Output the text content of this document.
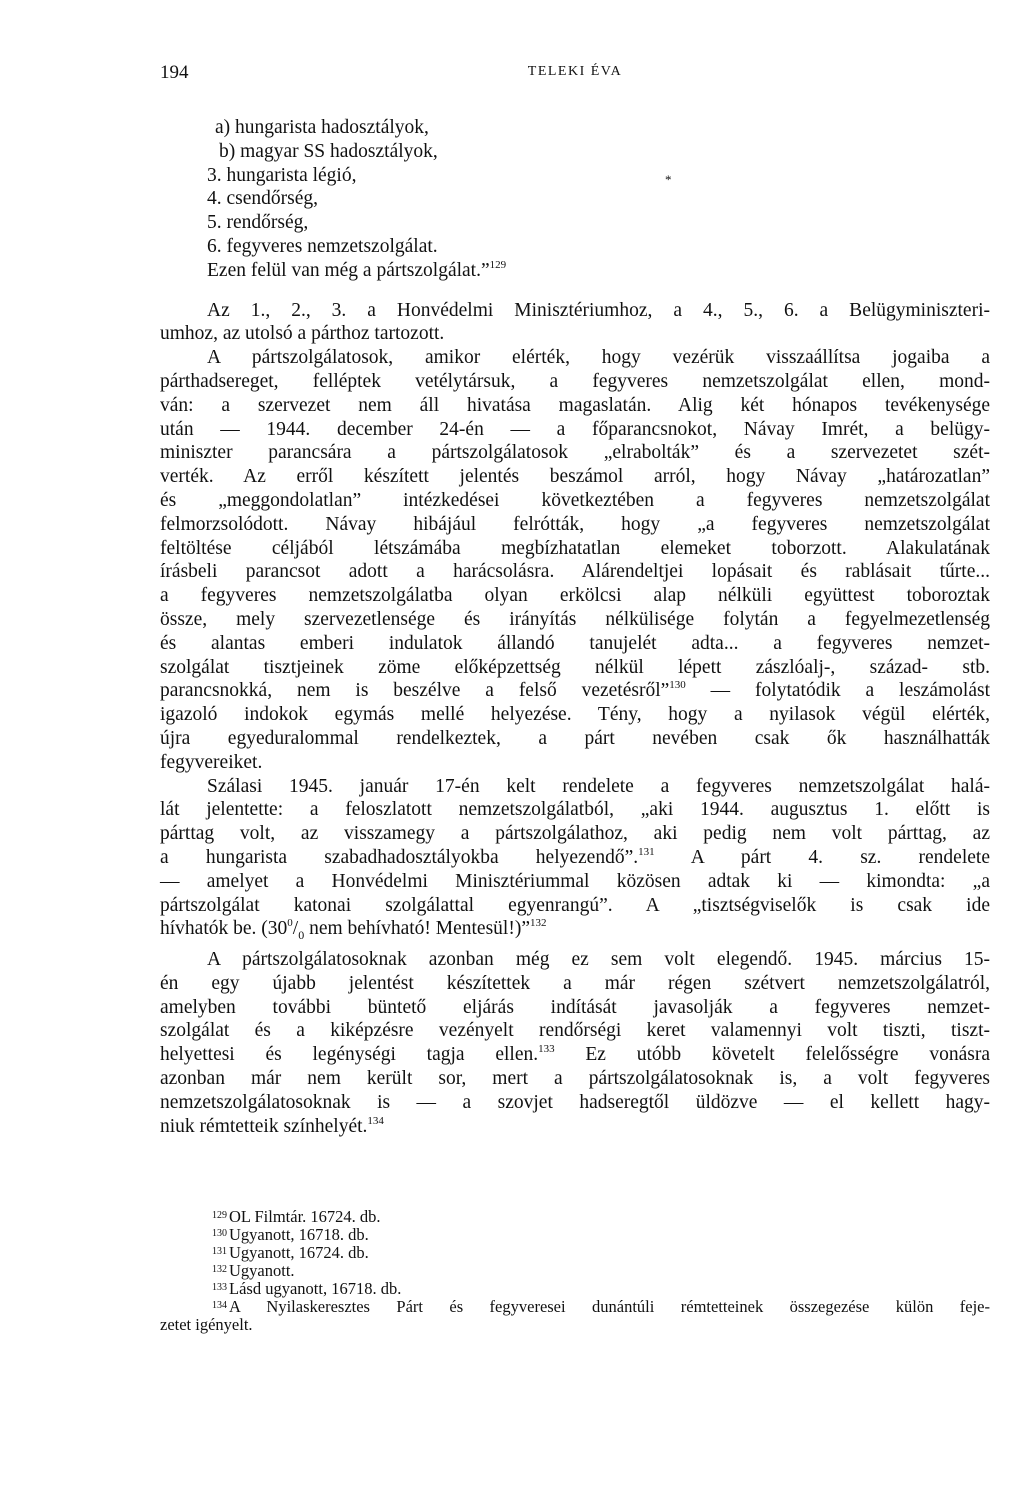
194	TELEKI ÉVA
*
a) hungarista hadosztályok,
b) magyar SS hadosztályok,
3. hungarista légió,
4. csendőrség,
5. rendőrség,
6. fegyveres nemzetszolgálat.
Ezen felül van még a pártszolgálat.”$^{129}$

Az 1., 2., 3. a Honvédelmi Minisztériumhoz, a 4., 5., 6. a Belügyminiszteri-
umhoz, az utolsó a párthoz tartozott.

A pártszolgálatosok, amikor elérték, hogy vezérük visszaállítsa jogaiba a
párthadsereget, felléptek vetélytársuk, a fegyveres nemzetszolgálat ellen, mond-
ván: a szervezet nem áll hivatása magaslatán. Alig két hónapos tevékenysége
után — 1944. december 24-én — a főparancsnokot, Návay Imrét, a belügy-
miniszter parancsára a pártszolgálatosok „elrabolták” és a szervezetet szét-
verték. Az erről készített jelentés beszámol arról, hogy Návay „határozatlan”
és „meggondolatlan” intézkedései következtében a fegyveres nemzetszolgálat
felmorzsolódott. Návay hibájául felrótták, hogy „a fegyveres nemzetszolgálat
feltöltése céljából létszámába megbízhatatlan elemeket toborzott. Alakulatának
írásbeli parancsot adott a harácsolásra. Alárendeltjei lopásait és rablásait tűrte...
a fegyveres nemzetszolgálatba olyan erkölcsi alap nélküli együttest toboroztak
össze, mely szervezetlensége és irányítás nélkülisége folytán a fegyelmezetlenség
és alantas emberi indulatok állandó tanujelét adta... a fegyveres nemzet-
szolgálat tisztjeinek zöme előképzettség nélkül lépett zászlóalj-, század- stb.
parancsnokká, nem is beszélve a felső vezetésről”$^{130}$ — folytatódik a leszámolást
igazoló indokok egymás mellé helyezése. Tény, hogy a nyilasok végül elérték,
újra egyeduralommal rendelkeztek, a párt nevében csak ők használhatták
fegyvereiket.

Szálasi 1945. január 17-én kelt rendelete a fegyveres nemzetszolgálat halá-
lát jelentette: a feloszlatott nemzetszolgálatból, „aki 1944. augusztus 1. előtt is
párttag volt, az visszamegy a pártszolgálathoz, aki pedig nem volt párttag, az
a hungarista szabadhadosztályokba helyezendő”.$^{131}$ A párt 4. sz. rendelete
— amelyet a Honvédelmi Minisztériummal közösen adtak ki — kimondta: „a
pártszolgálat katonai szolgálattal egyenrangú”. A „tisztségviselők is csak ide
hívhatók be. ($30^0/_0$ nem behívható! Mentesül!)”$^{132}$

A pártszolgálatosoknak azonban még ez sem volt elegendő. 1945. március 15-
én egy újabb jelentést készítettek a már régen szétvert nemzetszolgálatról,
amelyben további büntető eljárás indítását javasolják a fegyveres nemzet-
szolgálat és a kiképzésre vezényelt rendőrségi keret valamennyi volt tiszti, tiszt-
helyettesi és legénységi tagja ellen.$^{133}$ Ez utóbb követelt felelősségre vonásra
azonban már nem került sor, mert a pártszolgálatosoknak is, a volt fegyveres
nemzetszolgálatosoknak is — a szovjet hadseregtől üldözve — el kellett hagy-
niuk rémtetteik színhelyét.$^{134}$

$^{129}$ OL Filmtár. 16724. db.
$^{130}$ Ugyanott, 16718. db.
$^{131}$ Ugyanott, 16724. db.
$^{132}$ Ugyanott.
$^{133}$ Lásd ugyanott, 16718. db.
$^{134}$ A Nyilaskeresztes Párt és fegyveresei dunántúli rémtetteinek összegezése külön feje-
zetet igényelt.
